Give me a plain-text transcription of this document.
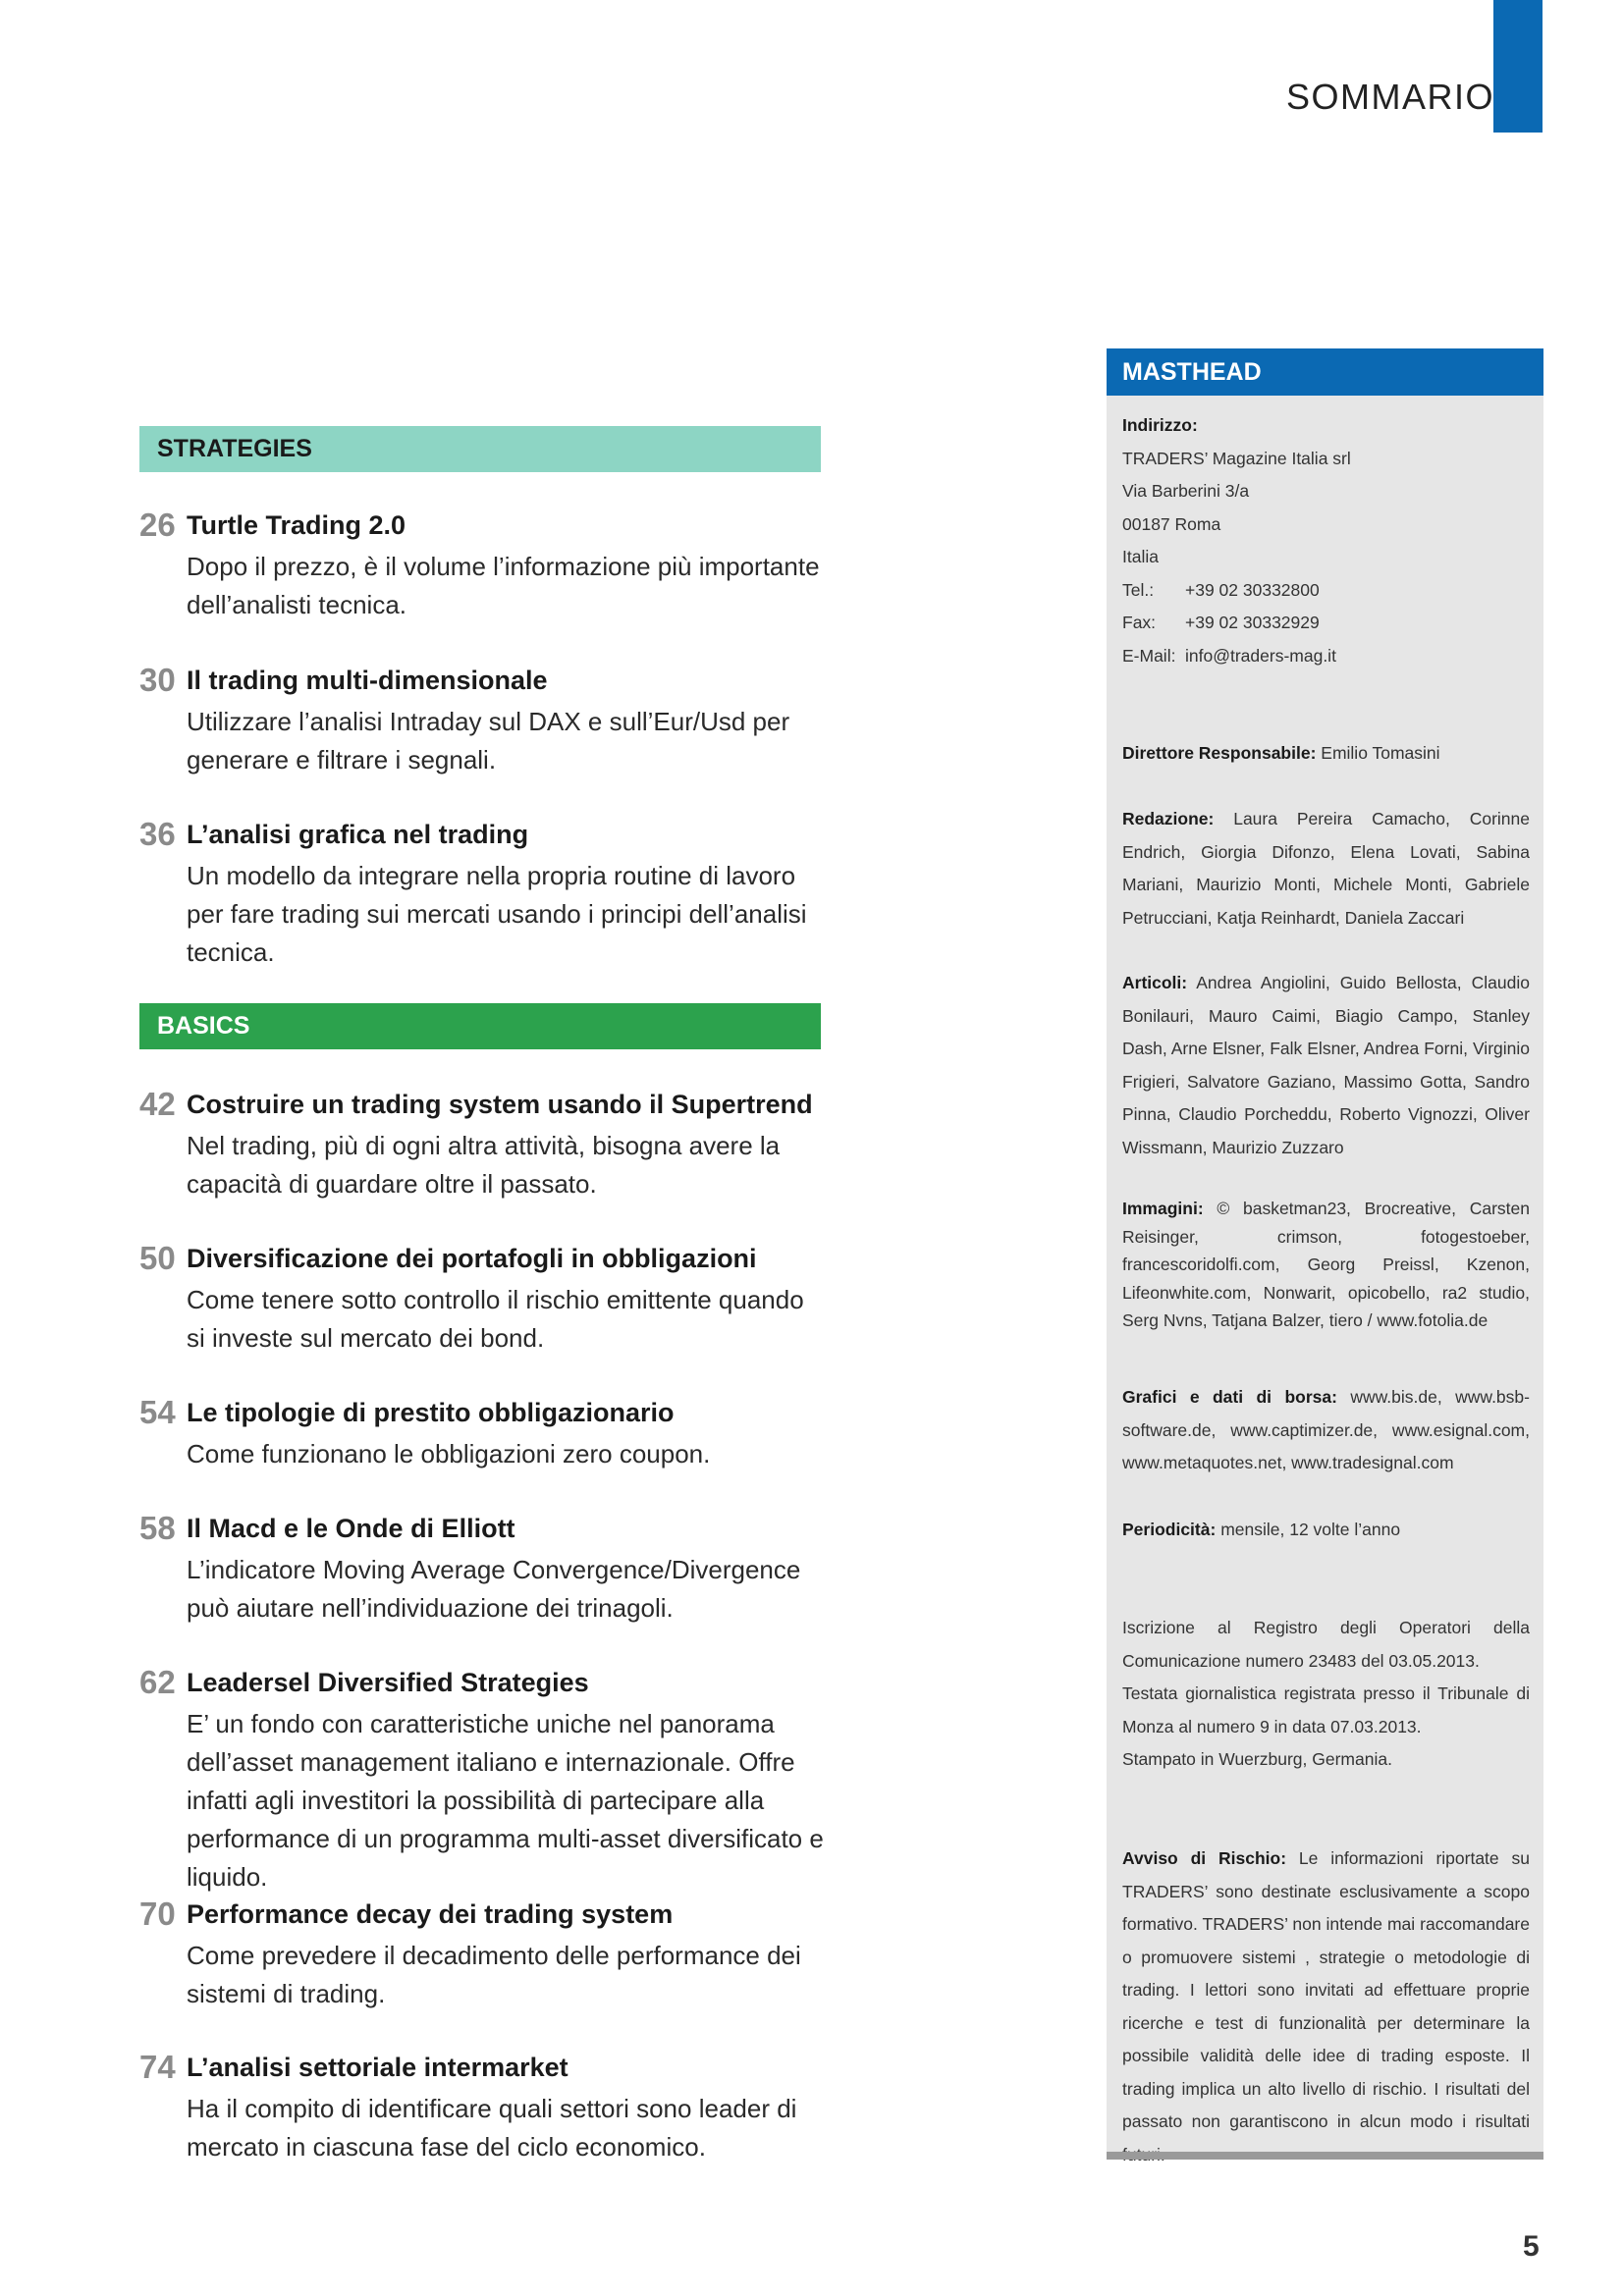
SOMMARIO
STRATEGIES
26 Turtle Trading 2.0
Dopo il prezzo, è il volume l’informazione più importante dell’analisti tecnica.
30 Il trading multi-dimensionale
Utilizzare l’analisi Intraday sul DAX e sull’Eur/Usd per generare e filtrare i segnali.
36 L’analisi grafica nel trading
Un modello da integrare nella propria routine di lavoro per fare trading sui mercati usando i principi dell’analisi tecnica.
BASICS
42 Costruire un trading system usando il Supertrend
Nel trading, più di ogni altra attività, bisogna avere la capacità di guardare oltre il passato.
50 Diversificazione dei portafogli in obbligazioni
Come tenere sotto controllo il rischio emittente quando si investe sul mercato dei bond.
54 Le tipologie di prestito obbligazionario
Come funzionano le obbligazioni zero coupon.
58 Il Macd e le Onde di Elliott
L’indicatore Moving Average Convergence/Divergence può aiutare nell’individuazione dei trinagoli.
62 Leadersel Diversified Strategies
E’ un fondo con caratteristiche uniche nel panorama dell’asset management italiano e internazionale. Offre infatti agli investitori la possibilità di partecipare alla performance di un programma multi-asset diversificato e liquido.
70 Performance decay dei trading system
Come prevedere il decadimento delle performance dei sistemi di trading.
74 L’analisi settoriale intermarket
Ha il compito di identificare quali settori sono leader di mercato in ciascuna fase del ciclo economico.
MASTHEAD
Indirizzo:
TRADERS’ Magazine Italia srl
Via Barberini 3/a
00187 Roma
Italia
Tel.:	+39 02 30332800
Fax:	+39 02 30332929
E-Mail: info@traders-mag.it
Direttore Responsabile: Emilio Tomasini
Redazione: Laura Pereira Camacho, Corinne Endrich, Giorgia Difonzo, Elena Lovati, Sabina Mariani, Maurizio Monti, Michele Monti, Gabriele Petrucciani, Katja Reinhardt, Daniela Zaccari
Articoli: Andrea Angiolini, Guido Bellosta, Claudio Bonilauri, Mauro Caimi, Biagio Campo, Stanley Dash, Arne Elsner, Falk Elsner, Andrea Forni, Virginio Frigieri, Salvatore Gaziano, Massimo Gotta, Sandro Pinna, Claudio Porcheddu, Roberto Vignozzi, Oliver Wissmann, Maurizio Zuzzaro
Immagini: © basketman23, Brocreative, Carsten Reisinger, crimson, fotogestoeber, francescoridolfi.com, Georg Preissl, Kzenon, Lifeonwhite.com, Nonwarit, opicobello, ra2 studio, Serg Nvns, Tatjana Balzer, tiero / www.fotolia.de
Grafici e dati di borsa: www.bis.de, www.bsb-software.de, www.captimizer.de, www.esignal.com, www.metaquotes.net, www.tradesignal.com
Periodicità: mensile, 12 volte l’anno
Iscrizione al Registro degli Operatori della Comunicazione numero 23483 del 03.05.2013.
Testata giornalistica registrata presso il Tribunale di Monza al numero 9 in data 07.03.2013.
Stampato in Wuerzburg, Germania.
Avviso di Rischio: Le informazioni riportate su TRADERS’ sono destinate esclusivamente a scopo formativo. TRADERS’ non intende mai raccomandare o promuovere sistemi , strategie o metodologie di trading. I lettori sono invitati ad effettuare proprie ricerche e test di funzionalità per determinare la possibile validità delle idee di trading esposte. Il trading implica un alto livello di rischio. I risultati del passato non garantiscono in alcun modo i risultati
5
